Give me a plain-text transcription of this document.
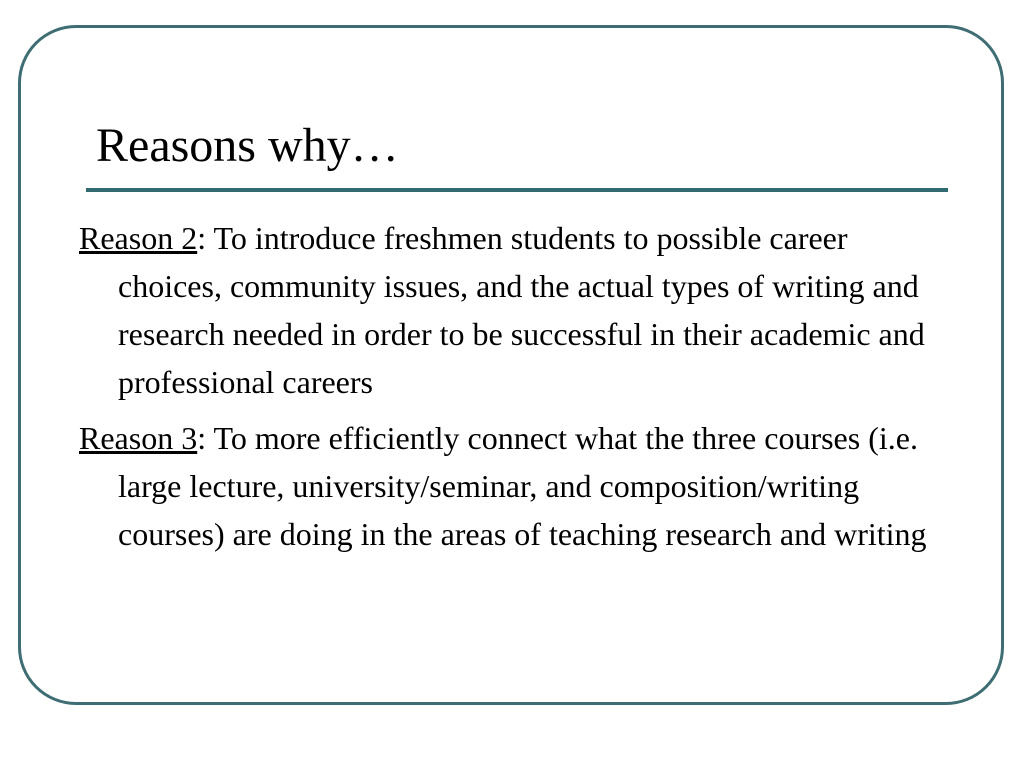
Reasons why…

Reason 2: To introduce freshmen students to possible career choices, community issues, and the actual types of writing and research needed in order to be successful in their academic and professional careers

Reason 3: To more efficiently connect what the three courses (i.e. large lecture, university/seminar, and composition/writing courses) are doing in the areas of teaching research and writing
